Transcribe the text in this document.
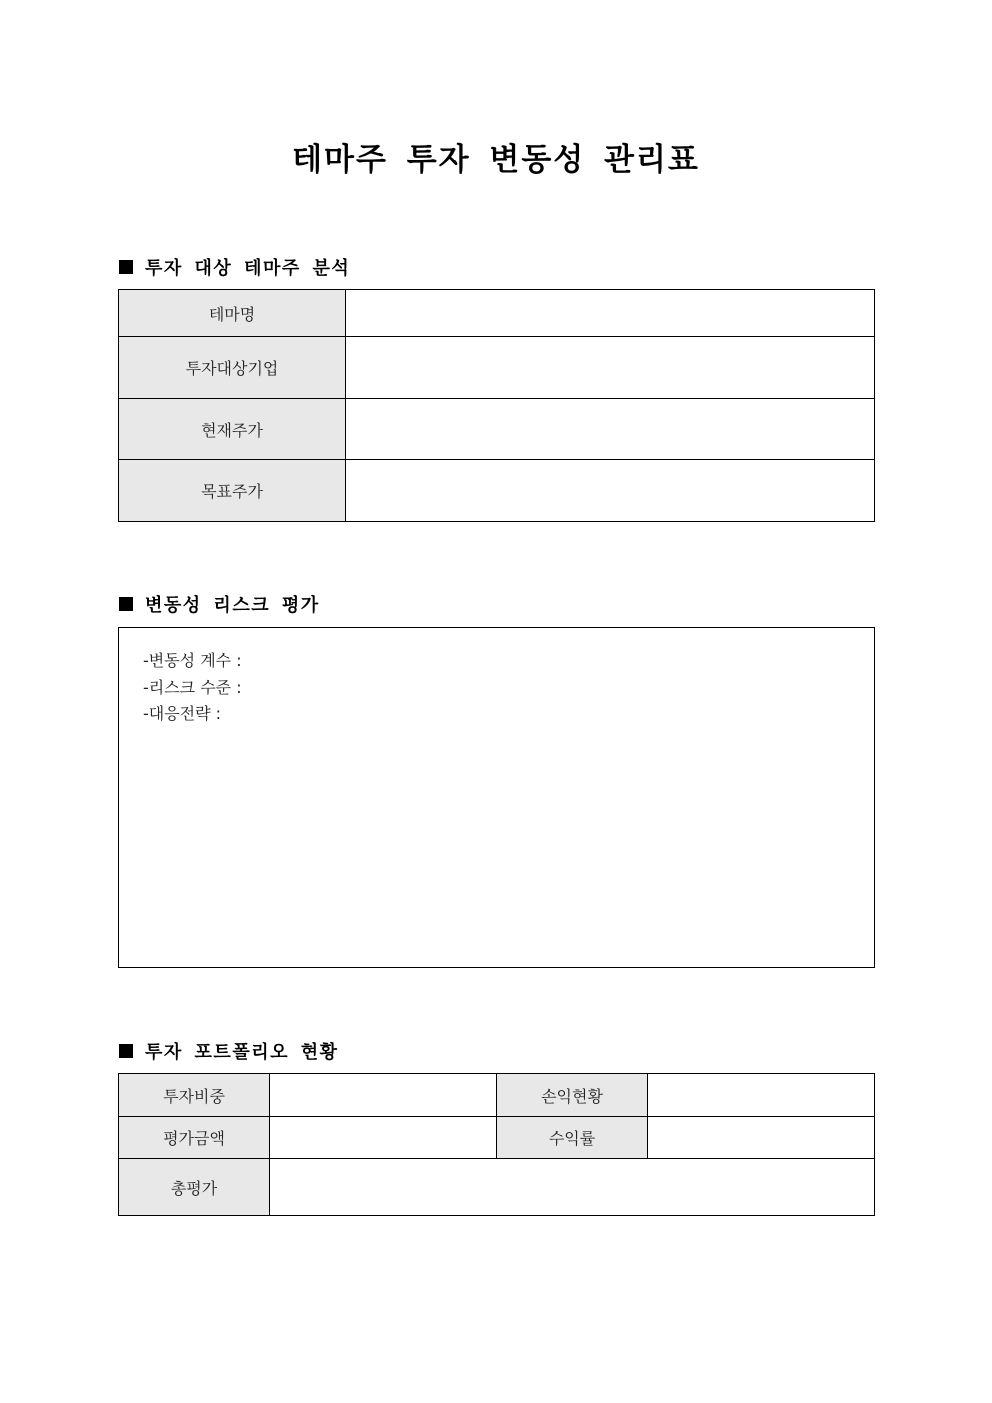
테마주 투자 변동성 관리표
투자 대상 테마주 분석
테마명	
투자대상기업	
현재주가	
목표주가	
변동성 리스크 평가
-변동성 계수 :
-리스크 수준 :
-대응전략 :
투자 포트폴리오 현황
투자비중		손익현황	
평가금액		수익률	
총평가			
